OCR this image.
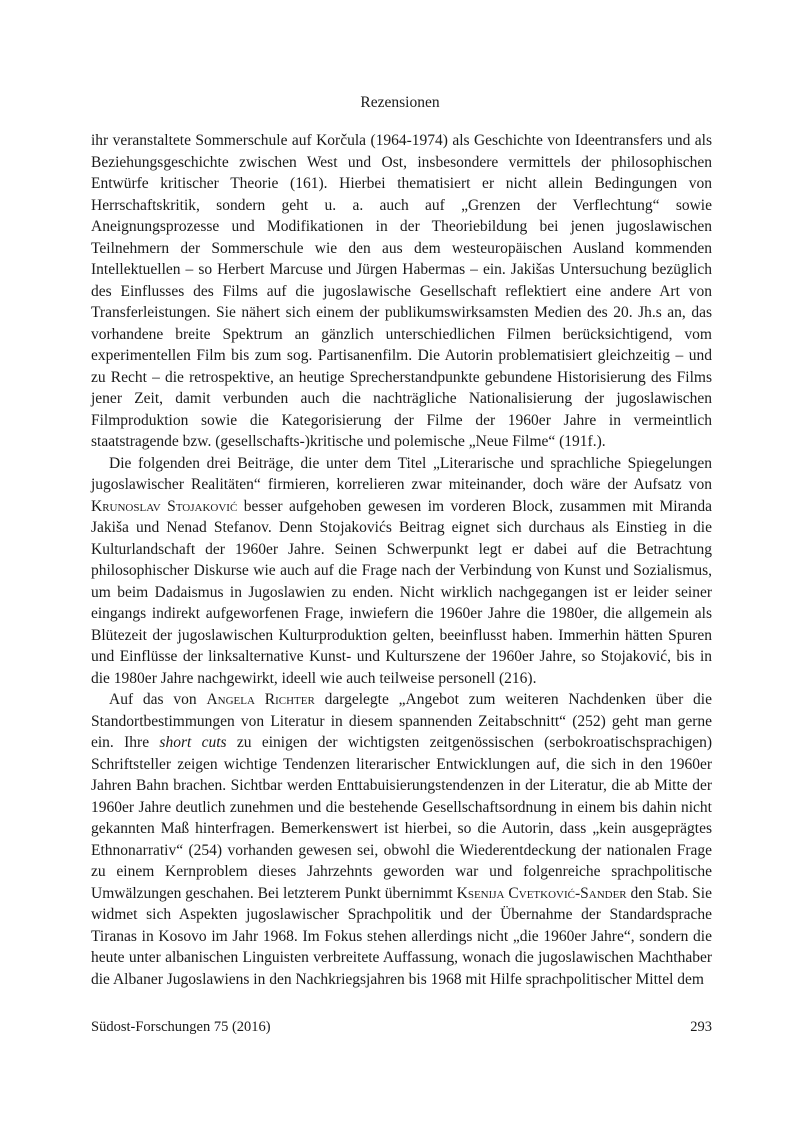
Rezensionen

ihr veranstaltete Sommerschule auf Korčula (1964-1974) als Geschichte von Ideentransfers und als Beziehungsgeschichte zwischen West und Ost, insbesondere vermittels der philosophischen Entwürfe kritischer Theorie (161). Hierbei thematisiert er nicht allein Bedingungen von Herrschaftskritik, sondern geht u. a. auch auf „Grenzen der Verflechtung“ sowie Aneignungsprozesse und Modifikationen in der Theoriebildung bei jenen jugoslawischen Teilnehmern der Sommerschule wie den aus dem westeuropäischen Ausland kommenden Intellektuellen – so Herbert Marcuse und Jürgen Habermas – ein. Jakišas Untersuchung bezüglich des Einflusses des Films auf die jugoslawische Gesellschaft reflektiert eine andere Art von Transferleistungen. Sie nähert sich einem der publikumswirksamsten Medien des 20. Jh.s an, das vorhandene breite Spektrum an gänzlich unterschiedlichen Filmen berücksichtigend, vom experimentellen Film bis zum sog. Partisanenfilm. Die Autorin problematisiert gleichzeitig – und zu Recht – die retrospektive, an heutige Sprecherstandpunkte gebundene Historisierung des Films jener Zeit, damit verbunden auch die nachträgliche Nationalisierung der jugoslawischen Filmproduktion sowie die Kategorisierung der Filme der 1960er Jahre in vermeintlich staatstragende bzw. (gesellschafts-)kritische und polemische „Neue Filme“ (191f.).

Die folgenden drei Beiträge, die unter dem Titel „Literarische und sprachliche Spiegelungen jugoslawischer Realitäten“ firmieren, korrelieren zwar miteinander, doch wäre der Aufsatz von Krunoslav Stojaković besser aufgehoben gewesen im vorderen Block, zusammen mit Miranda Jakiša und Nenad Stefanov. Denn Stojakovićs Beitrag eignet sich durchaus als Einstieg in die Kulturlandschaft der 1960er Jahre. Seinen Schwerpunkt legt er dabei auf die Betrachtung philosophischer Diskurse wie auch auf die Frage nach der Verbindung von Kunst und Sozialismus, um beim Dadaismus in Jugoslawien zu enden. Nicht wirklich nachgegangen ist er leider seiner eingangs indirekt aufgeworfenen Frage, inwiefern die 1960er Jahre die 1980er, die allgemein als Blütezeit der jugoslawischen Kulturproduktion gelten, beeinflusst haben. Immerhin hätten Spuren und Einflüsse der linksalternative Kunst- und Kulturszene der 1960er Jahre, so Stojaković, bis in die 1980er Jahre nachgewirkt, ideell wie auch teilweise personell (216).

Auf das von Angela Richter dargelegte „Angebot zum weiteren Nachdenken über die Standortbestimmungen von Literatur in diesem spannenden Zeitabschnitt“ (252) geht man gerne ein. Ihre short cuts zu einigen der wichtigsten zeitgenössischen (serbokroatischsprachigen) Schriftsteller zeigen wichtige Tendenzen literarischer Entwicklungen auf, die sich in den 1960er Jahren Bahn brachen. Sichtbar werden Enttabuisierungstendenzen in der Literatur, die ab Mitte der 1960er Jahre deutlich zunehmen und die bestehende Gesellschaftsordnung in einem bis dahin nicht gekannten Maß hinterfragen. Bemerkenswert ist hierbei, so die Autorin, dass „kein ausgeprägtes Ethnonarrativ“ (254) vorhanden gewesen sei, obwohl die Wiederentdeckung der nationalen Frage zu einem Kernproblem dieses Jahrzehnts geworden war und folgenreiche sprachpolitische Umwälzungen geschahen. Bei letzterem Punkt übernimmt Ksenija Cvetković-Sander den Stab. Sie widmet sich Aspekten jugoslawischer Sprachpolitik und der Übernahme der Standardsprache Tiranas in Kosovo im Jahr 1968. Im Fokus stehen allerdings nicht „die 1960er Jahre“, sondern die heute unter albanischen Linguisten verbreitete Auffassung, wonach die jugoslawischen Machthaber die Albaner Jugoslawiens in den Nachkriegsjahren bis 1968 mit Hilfe sprachpolitischer Mittel dem

Südost-Forschungen 75 (2016)	293
